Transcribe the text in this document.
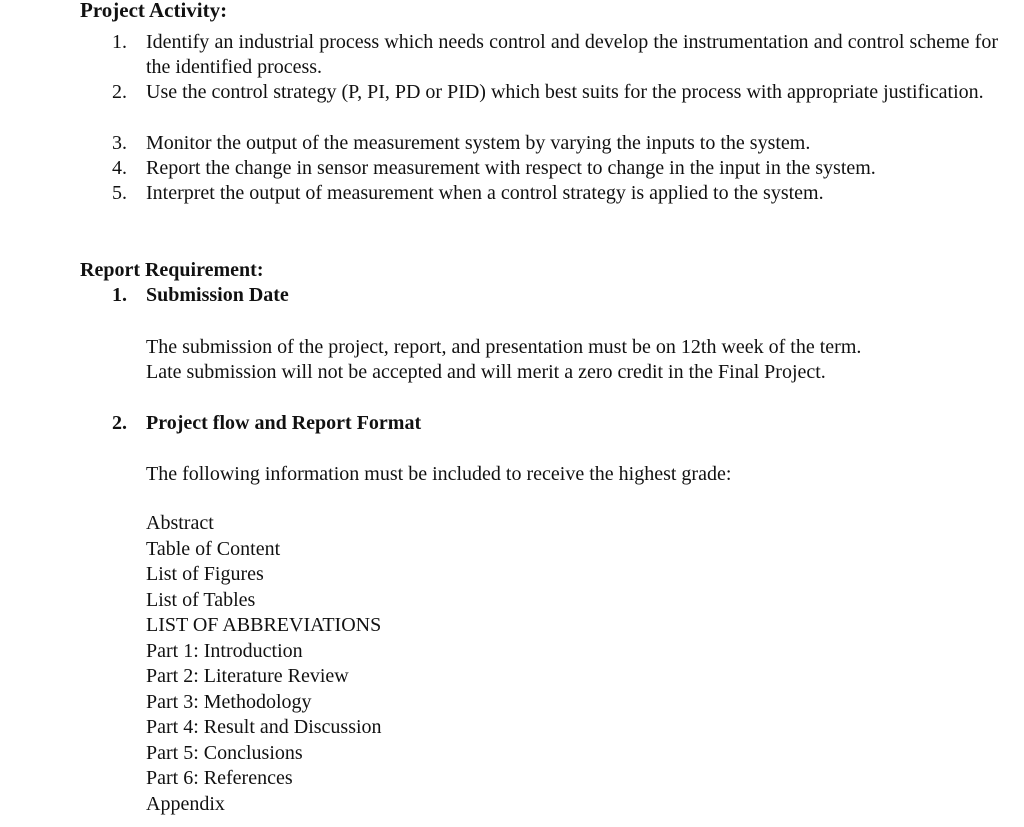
Project Activity:
1. Identify an industrial process which needs control and develop the instrumentation and control scheme for the identified process.
2. Use the control strategy (P, PI, PD or PID) which best suits for the process with appropriate justification.
3. Monitor the output of the measurement system by varying the inputs to the system.
4. Report the change in sensor measurement with respect to change in the input in the system.
5. Interpret the output of measurement when a control strategy is applied to the system.
Report Requirement:
1. Submission Date
The submission of the project, report, and presentation must be on 12th week of the term.
Late submission will not be accepted and will merit a zero credit in the Final Project.
2. Project flow and Report Format
The following information must be included to receive the highest grade:
Abstract
Table of Content
List of Figures
List of Tables
LIST OF ABBREVIATIONS
Part 1: Introduction
Part 2: Literature Review
Part 3: Methodology
Part 4: Result and Discussion
Part 5: Conclusions
Part 6: References
Appendix
